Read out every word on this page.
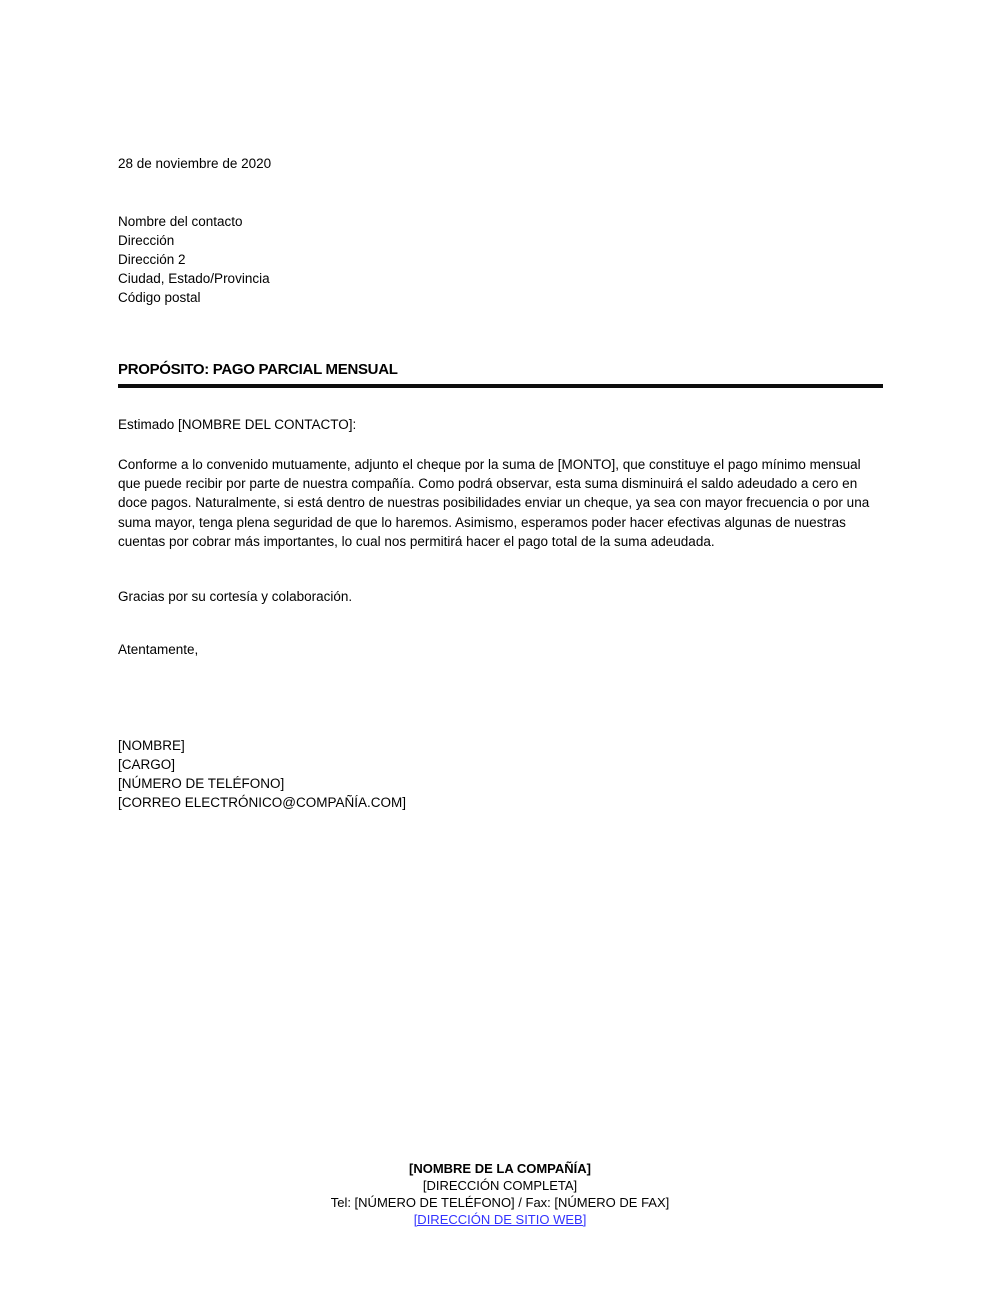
28 de noviembre de 2020
Nombre del contacto
Dirección
Dirección 2
Ciudad, Estado/Provincia
Código postal
PROPÓSITO: PAGO PARCIAL MENSUAL
Estimado [NOMBRE DEL CONTACTO]:
Conforme a lo convenido mutuamente, adjunto el cheque por la suma de [MONTO], que constituye el pago mínimo mensual que puede recibir por parte de nuestra compañía. Como podrá observar, esta suma disminuirá el saldo adeudado a cero en doce pagos. Naturalmente, si está dentro de nuestras posibilidades enviar un cheque, ya sea con mayor frecuencia o por una suma mayor, tenga plena seguridad de que lo haremos. Asimismo, esperamos poder hacer efectivas algunas de nuestras cuentas por cobrar más importantes, lo cual nos permitirá hacer el pago total de la suma adeudada.
Gracias por su cortesía y colaboración.
Atentamente,
[NOMBRE]
[CARGO]
[NÚMERO DE TELÉFONO]
[CORREO ELECTRÓNICO@COMPAÑÍA.COM]
[NOMBRE DE LA COMPAÑÍA]
[DIRECCIÓN COMPLETA]
Tel: [NÚMERO DE TELÉFONO] / Fax: [NÚMERO DE FAX]
[DIRECCIÓN DE SITIO WEB]
